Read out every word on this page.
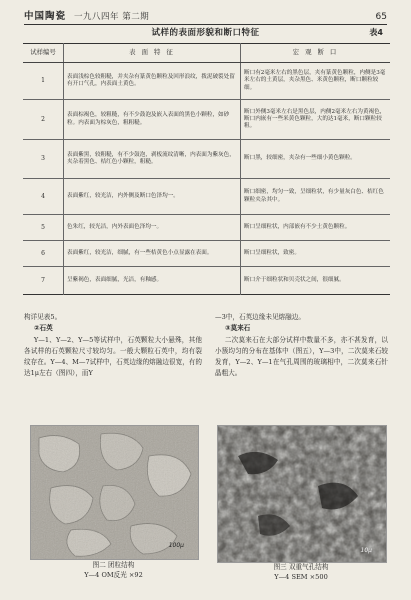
中国陶瓷 一九八四年 第二期	65
试样的表面形貌和断口特征	表4
试样编号	表 面 特 征	宏 观 断 口
1	表面浅棕色较粗糙，并夹杂有篆黄色颗粒及回形浪纹，拨泥破裂处留有开口气孔，内表面土黄色。	断口有2毫米左右的黑色层，夹有篆黄色颗粒，内侧是3毫米左右的土黄层，夹杂黑色、米黄色颗粒，断口颗粒较细。
2	表面棕褐色，较粗糙，有不少鼓泡及嵌入表面的黑色小颗粒，如砂粒。内表面为棕灰色，粗粗糙。	断口外侧3毫米左右是黑色层，内侧2毫米左右为黄褐色，断口内嵌有一些米黄色颗粒，大的达1毫米，断口颗粒较粗。
3	表面紫黑，较粗糙，有不少鼓泡，剥板流纹清晰，内表面为紫灰色，夹杂着黑色、桔红色小颗粒，粗糙。	断口黑，较细密，夹杂有一些细小黄色颗粒。
4	表面紫红，较光洁，内外侧及断口色泽均一。	断口细密，均匀一致，呈细粒状，有少量灰白色、桔红色颗粒夹杂其中。
5	色朱红，较光洁，内外表面色泽均一。	断口呈细粒状，内部嵌有不少土黄色颗粒。
6	表面紫红，较光洁，细腻，有一些桔黄色小点显露在表面。	断口呈细粒状，致密。
7	呈紫褐色，表面细腻，光洁，有釉感。	断口介于细粒状和贝壳状之间，很细腻。

构详见表5。

②石英

Y—1、Y—2、Y—5等试样中，石英颗粒大小悬殊，其他各试样的石英颗粒尺寸较均匀。一般大颗粒石英中，均有裂纹存在。Y—4、M—7试样中，石英边缘的熔融边很宽，有的达1μ左右（图四），而Y

—3中，石英边缘未见熔融边。

③莫来石

二次莫来石在大部分试样中数量不多，亦不甚发育，以小簇均匀的分布在基体中（图五），Y—3中，二次莫来石较发育，Y—2、Y—1在气孔周围的玻璃相中，二次莫来石针晶粗大。

100μ
图二 团粒结构
Y—4 OM反光 ×92
10μ
图三 双重气孔结构
Y—4 SEM ×500
